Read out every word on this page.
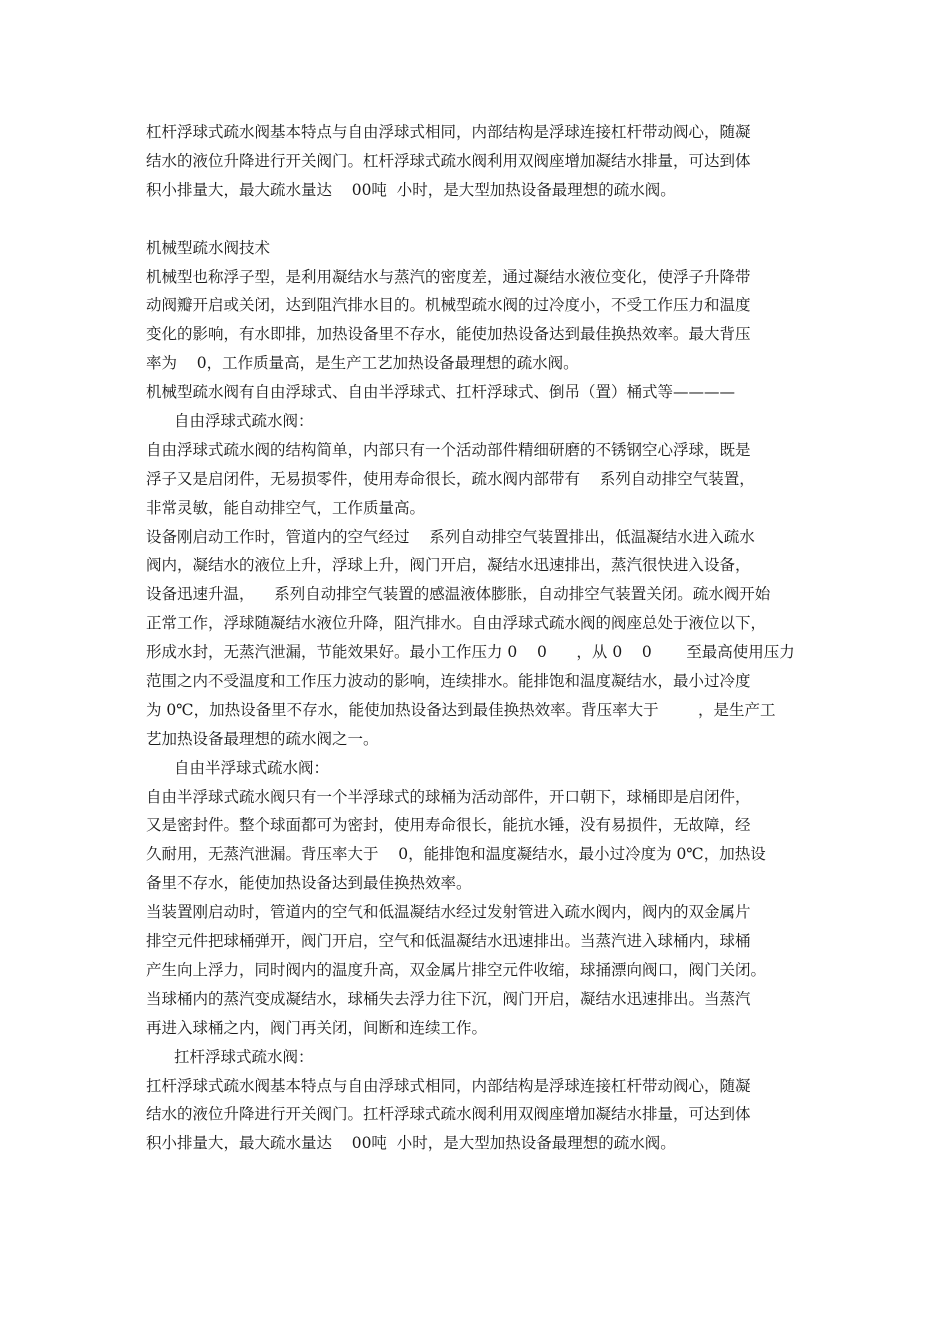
杠杆浮球式疏水阀基本特点与自由浮球式相同，内部结构是浮球连接杠杆带动阀心，随凝
结水的液位升降进行开关阀门。杠杆浮球式疏水阀利用双阀座增加凝结水排量，可达到体
积小排量大，最大疏水量达    00吨  小时，是大型加热设备最理想的疏水阀。
机械型疏水阀技术
机械型也称浮子型，是利用凝结水与蒸汽的密度差，通过凝结水液位变化，使浮子升降带
动阀瓣开启或关闭，达到阻汽排水目的。机械型疏水阀的过冷度小，不受工作压力和温度
变化的影响，有水即排，加热设备里不存水，能使加热设备达到最佳换热效率。最大背压
率为    0，工作质量高，是生产工艺加热设备最理想的疏水阀。
机械型疏水阀有自由浮球式、自由半浮球式、扛杆浮球式、倒吊（置）桶式等————
自由浮球式疏水阀：
自由浮球式疏水阀的结构简单，内部只有一个活动部件精细研磨的不锈钢空心浮球，既是
浮子又是启闭件，无易损零件，使用寿命很长，疏水阀内部带有    系列自动排空气装置，
非常灵敏，能自动排空气，工作质量高。
设备刚启动工作时，管道内的空气经过    系列自动排空气装置排出，低温凝结水进入疏水
阀内，凝结水的液位上升，浮球上升，阀门开启，凝结水迅速排出，蒸汽很快进入设备，
设备迅速升温，    系列自动排空气装置的感温液体膨胀，自动排空气装置关闭。疏水阀开始
正常工作，浮球随凝结水液位升降，阻汽排水。自由浮球式疏水阀的阀座总处于液位以下，
形成水封，无蒸汽泄漏，节能效果好。最小工作压力 0    0      ，从 0    0       至最高使用压力
范围之内不受温度和工作压力波动的影响，连续排水。能排饱和温度凝结水，最小过冷度
为 0℃，加热设备里不存水，能使加热设备达到最佳换热效率。背压率大于        ，是生产工
艺加热设备最理想的疏水阀之一。
自由半浮球式疏水阀：
自由半浮球式疏水阀只有一个半浮球式的球桶为活动部件，开口朝下，球桶即是启闭件，
又是密封件。整个球面都可为密封，使用寿命很长，能抗水锤，没有易损件，无故障，经
久耐用，无蒸汽泄漏。背压率大于    0，能排饱和温度凝结水，最小过冷度为 0℃，加热设
备里不存水，能使加热设备达到最佳换热效率。
当装置刚启动时，管道内的空气和低温凝结水经过发射管进入疏水阀内，阀内的双金属片
排空元件把球桶弹开，阀门开启，空气和低温凝结水迅速排出。当蒸汽进入球桶内，球桶
产生向上浮力，同时阀内的温度升高，双金属片排空元件收缩，球捅漂向阀口，阀门关闭。
当球桶内的蒸汽变成凝结水，球桶失去浮力往下沉，阀门开启，凝结水迅速排出。当蒸汽
再进入球桶之内，阀门再关闭，间断和连续工作。
扛杆浮球式疏水阀：
扛杆浮球式疏水阀基本特点与自由浮球式相同，内部结构是浮球连接杠杆带动阀心，随凝
结水的液位升降进行开关阀门。扛杆浮球式疏水阀利用双阀座增加凝结水排量，可达到体
积小排量大，最大疏水量达    00吨  小时，是大型加热设备最理想的疏水阀。
